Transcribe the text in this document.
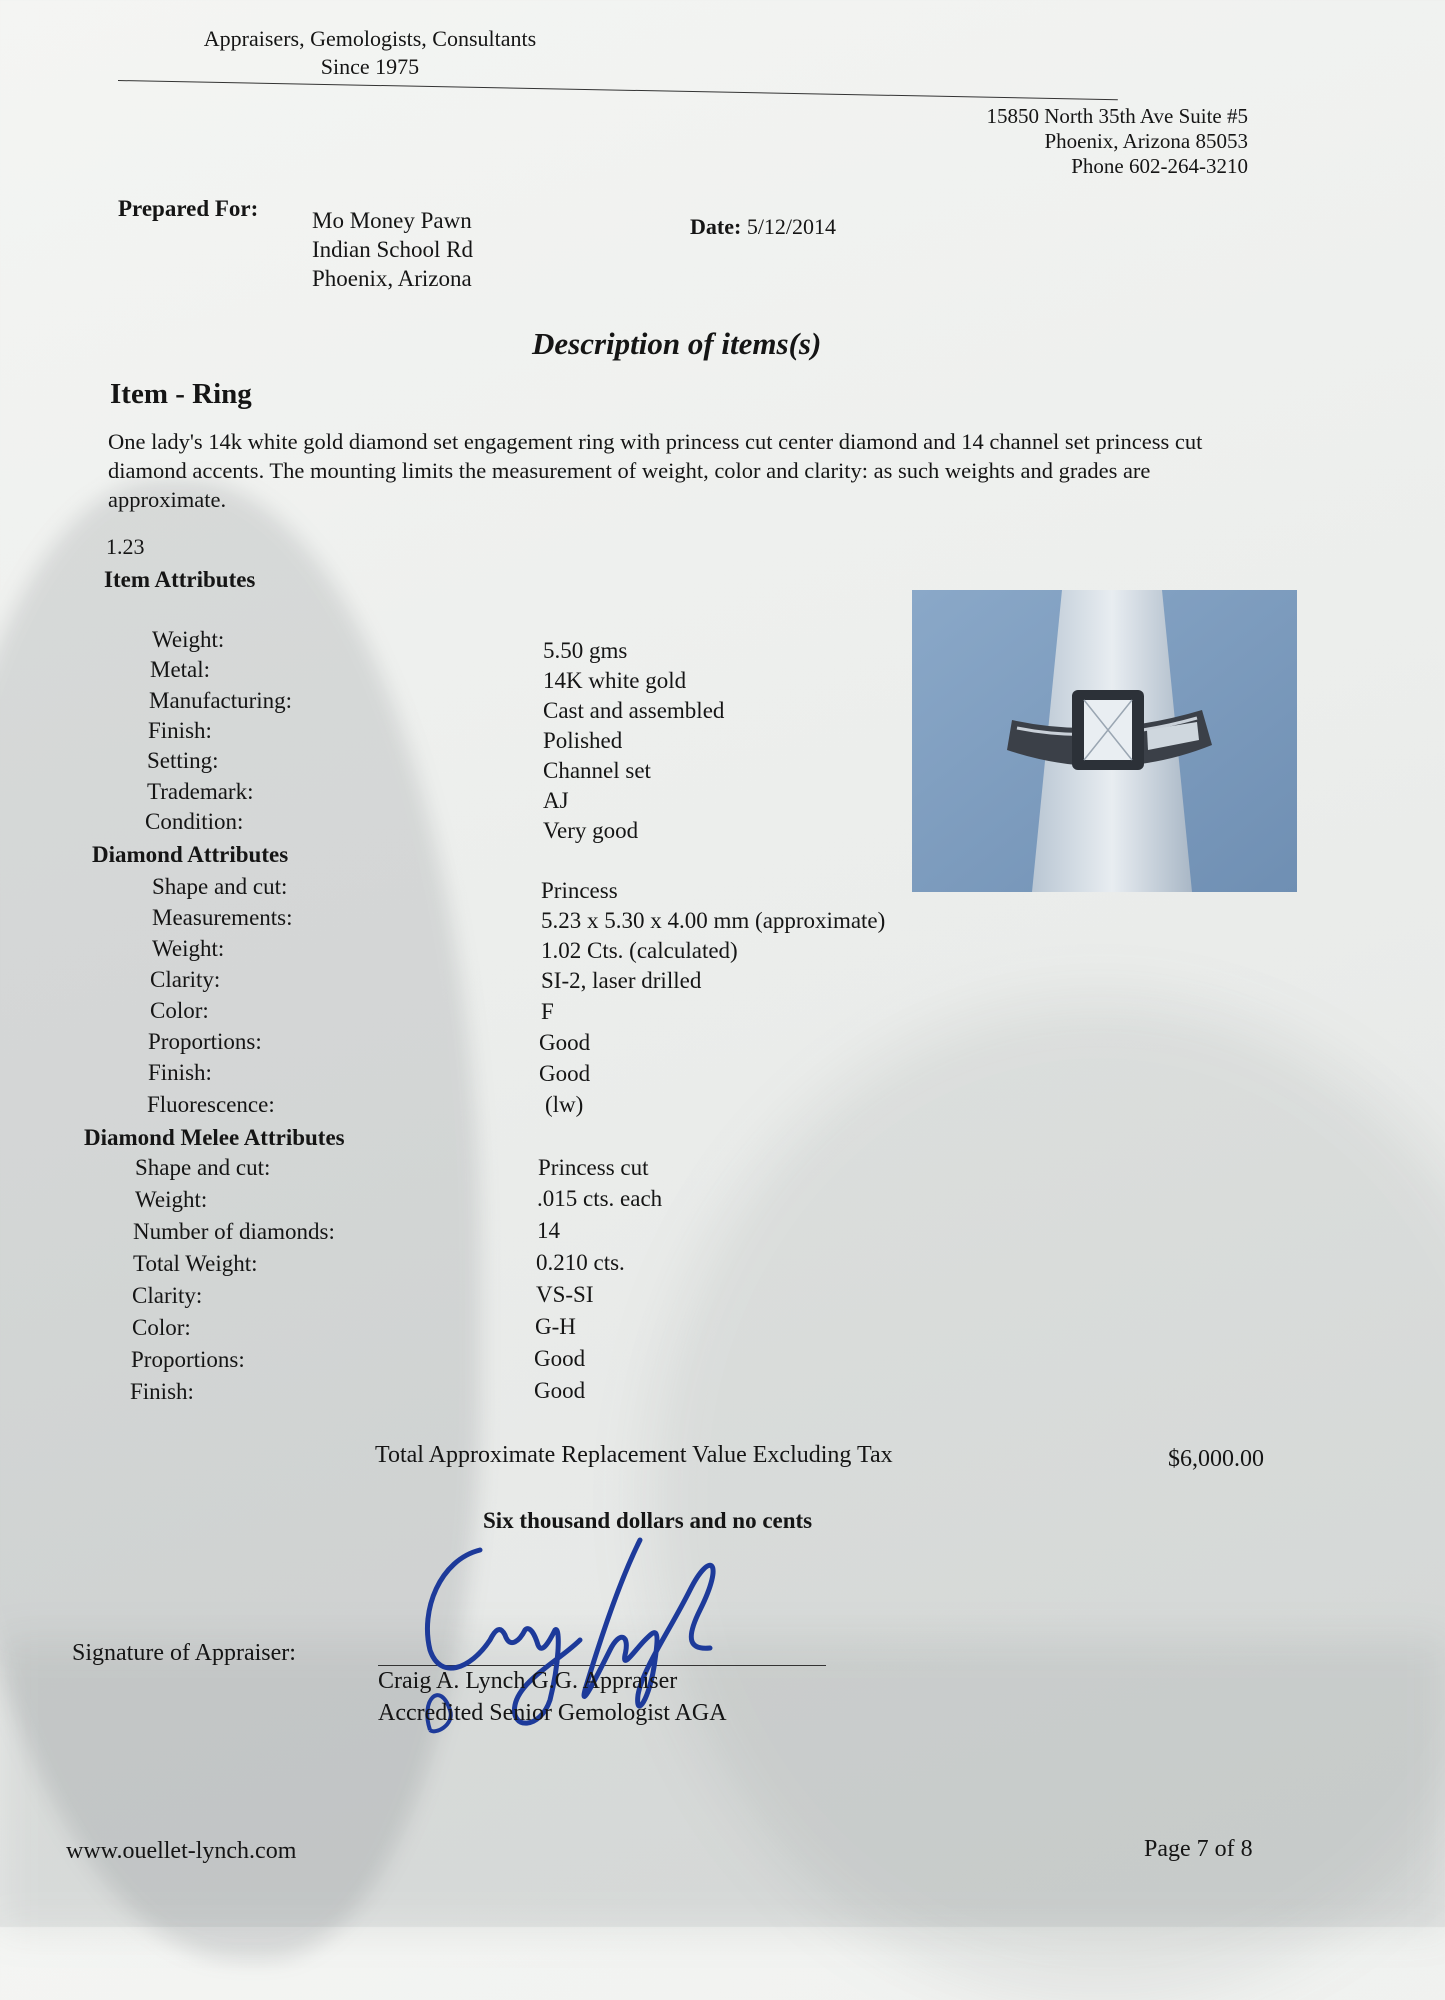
Appraisers, Gemologists, Consultants
Since 1975
15850 North 35th Ave Suite #5
Phoenix, Arizona 85053
Phone 602-264-3210
Prepared For: Mo Money Pawn
Indian School Rd
Phoenix, Arizona
Date: 5/12/2014
Description of items(s)
Item - Ring
One lady's 14k white gold diamond set engagement ring with princess cut center diamond and 14 channel set princess cut diamond accents. The mounting limits the measurement of weight, color and clarity: as such weights and grades are approximate.
1.23
Item Attributes
Weight:	5.50 gms
Metal:	14K white gold
Manufacturing:	Cast and assembled
Finish:	Polished
Setting:	Channel set
Trademark:	AJ
Condition:	Very good
Diamond Attributes
Shape and cut:	Princess
Measurements:	5.23 x 5.30 x 4.00 mm (approximate)
Weight:	1.02 Cts. (calculated)
Clarity:	SI-2, laser drilled
Color:	F
Proportions:	Good
Finish:	Good
Fluorescence:	(lw)
Diamond Melee Attributes
Shape and cut:	Princess cut
Weight:	.015 cts. each
Number of diamonds:	14
Total Weight:	0.210 cts.
Clarity:	VS-SI
Color:	G-H
Proportions:	Good
Finish:	Good
Total Approximate Replacement Value Excluding Tax	$6,000.00
Six thousand dollars and no cents
Signature of Appraiser:
Craig A. Lynch G.G. Appraiser
Accredited Senior Gemologist AGA
www.ouellet-lynch.com	Page 7 of 8
